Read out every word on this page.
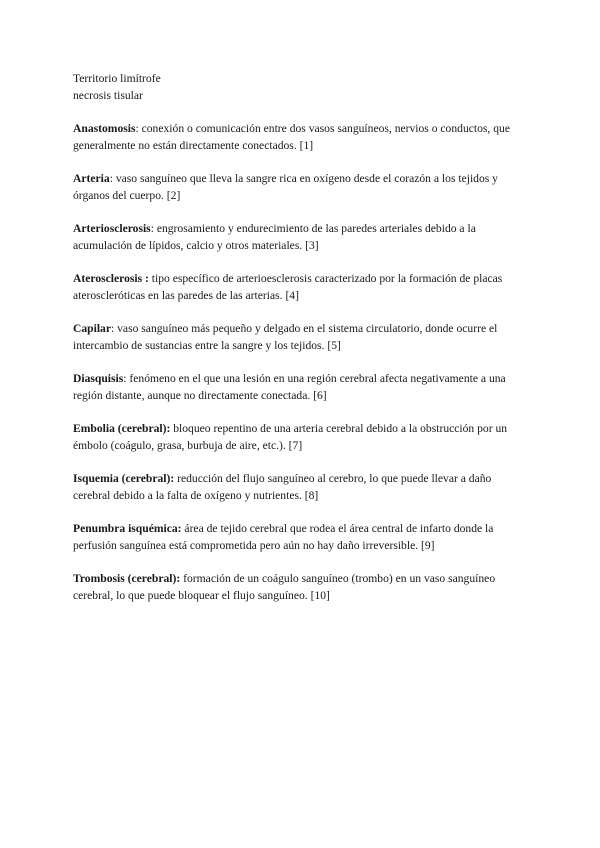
Territorio limítrofe
necrosis tisular

Anastomosis: conexión o comunicación entre dos vasos sanguíneos, nervios o conductos, que generalmente no están directamente conectados. [1]

Arteria: vaso sanguíneo que lleva la sangre rica en oxígeno desde el corazón a los tejidos y órganos del cuerpo. [2]

Arteriosclerosis: engrosamiento y endurecimiento de las paredes arteriales debido a la acumulación de lípidos, calcio y otros materiales. [3]

Aterosclerosis : tipo específico de arterioesclerosis caracterizado por la formación de placas ateroscleróticas en las paredes de las arterias. [4]

Capilar: vaso sanguíneo más pequeño y delgado en el sistema circulatorio, donde ocurre el intercambio de sustancias entre la sangre y los tejidos. [5]

Diasquisis: fenómeno en el que una lesión en una región cerebral afecta negativamente a una región distante, aunque no directamente conectada. [6]

Embolia (cerebral): bloqueo repentino de una arteria cerebral debido a la obstrucción por un émbolo (coágulo, grasa, burbuja de aire, etc.). [7]

Isquemia (cerebral): reducción del flujo sanguíneo al cerebro, lo que puede llevar a daño cerebral debido a la falta de oxígeno y nutrientes. [8]

Penumbra isquémica: área de tejido cerebral que rodea el área central de infarto donde la perfusión sanguínea está comprometida pero aún no hay daño irreversible. [9]

Trombosis (cerebral): formación de un coágulo sanguíneo (trombo) en un vaso sanguíneo cerebral, lo que puede bloquear el flujo sanguíneo. [10]
